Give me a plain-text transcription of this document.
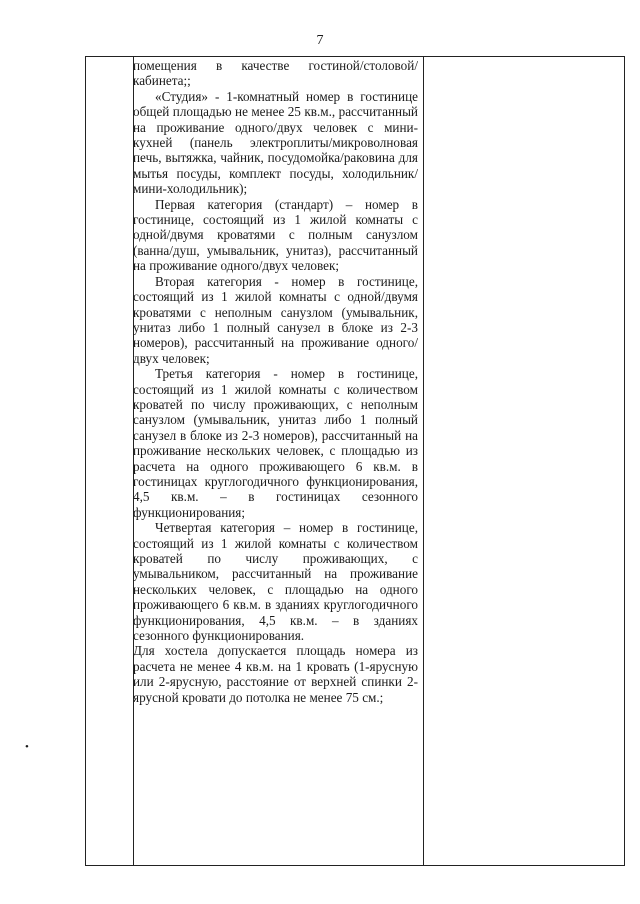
7
•

помещения в качестве гостиной/столовой/кабинета;;

«Студия» - 1-комнатный номер в гостинице общей площадью не менее 25 кв.м., рассчитанный на проживание одного/двух человек с мини-кухней (панель электроплиты/микроволновая печь, вытяжка, чайник, посудомойка/раковина для мытья посуды, комплект посуды, холодильник/мини-холодильник);

Первая категория (стандарт) – номер в гостинице, состоящий из 1 жилой комнаты с одной/двумя кроватями с полным санузлом (ванна/душ, умывальник, унитаз), рассчитанный на проживание одного/двух человек;

Вторая категория - номер в гостинице, состоящий из 1 жилой комнаты с одной/двумя кроватями с неполным санузлом (умывальник, унитаз либо 1 полный санузел в блоке из 2-3 номеров), рассчитанный на проживание одного/двух человек;

Третья категория - номер в гостинице, состоящий из 1 жилой комнаты с количеством кроватей по числу проживающих, с неполным санузлом (умывальник, унитаз либо 1 полный санузел в блоке из 2-3 номеров), рассчитанный на проживание нескольких человек, с площадью из расчета на одного проживающего 6 кв.м. в гостиницах круглогодичного функционирования, 4,5 кв.м. – в гостиницах сезонного функционирования;

Четвертая категория – номер в гостинице, состоящий из 1 жилой комнаты с количеством кроватей по числу проживающих, с умывальником, рассчитанный на проживание нескольких человек, с площадью на одного проживающего 6 кв.м. в зданиях круглогодичного функционирования, 4,5 кв.м. – в зданиях сезонного функционирования.

Для хостела допускается площадь номера из расчета не менее 4 кв.м. на 1 кровать (1-ярусную или 2-ярусную, расстояние от верхней спинки 2-ярусной кровати до потолка не менее 75 см.;
